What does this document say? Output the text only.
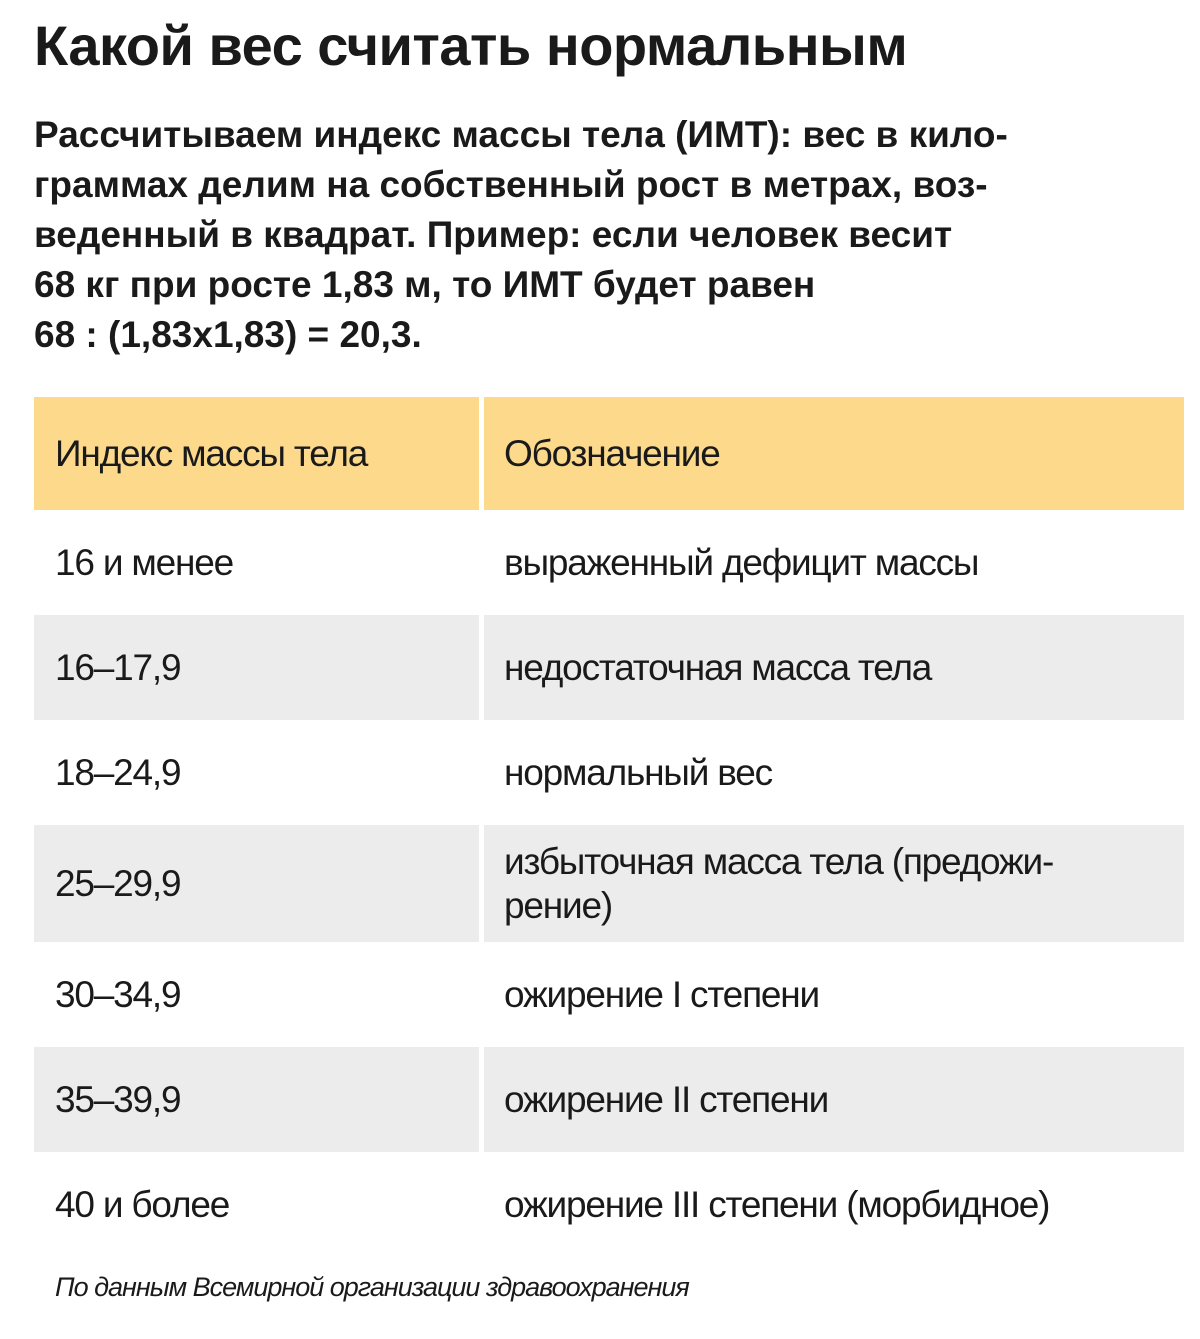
Какой вес считать нормальным
Рассчитываем индекс массы тела (ИМТ): вес в кило-
граммах делим на собственный рост в метрах, воз-
веденный в квадрат. Пример: если человек весит
68 кг при росте 1,83 м, то ИМТ будет равен
68 : (1,83x1,83) = 20,3.
Индекс массы тела	Обозначение
16 и менее	выраженный дефицит массы
16–17,9	недостаточная масса тела
18–24,9	нормальный вес
25–29,9	избыточная масса тела (предожи-
рение)
30–34,9	ожирение I степени
35–39,9	ожирение II степени
40 и более	ожирение III степени (морбидное)
По данным Всемирной организации здравоохранения
